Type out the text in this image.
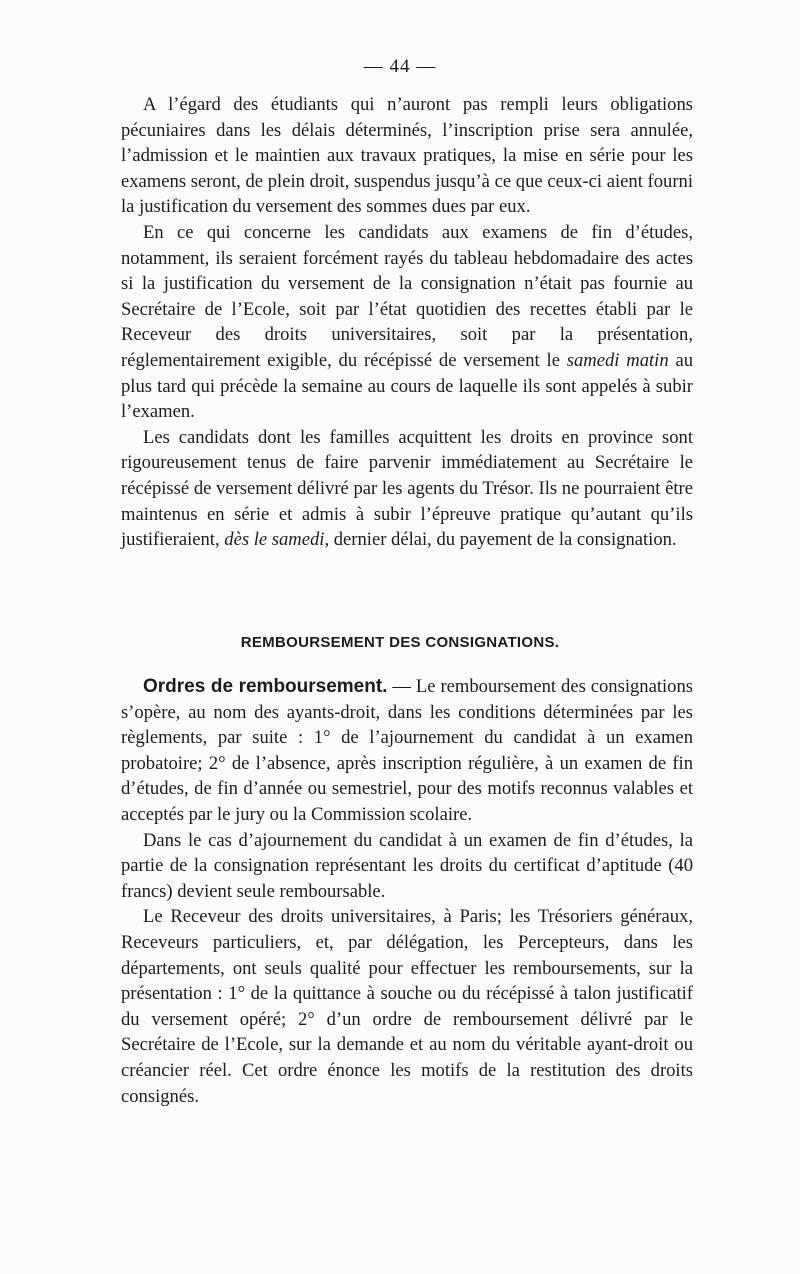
— 44 —

A l’égard des étudiants qui n’auront pas rempli leurs obligations pécuniaires dans les délais déterminés, l’inscription prise sera annulée, l’admission et le maintien aux travaux pratiques, la mise en série pour les examens seront, de plein droit, suspendus jusqu’à ce que ceux-ci aient fourni la justification du versement des sommes dues par eux.

En ce qui concerne les candidats aux examens de fin d’études, notamment, ils seraient forcément rayés du tableau hebdomadaire des actes si la justification du versement de la consignation n’était pas fournie au Secrétaire de l’Ecole, soit par l’état quotidien des recettes établi par le Receveur des droits universitaires, soit par la présentation, réglementairement exigible, du récépissé de versement le samedi matin au plus tard qui précède la semaine au cours de laquelle ils sont appelés à subir l’examen.

Les candidats dont les familles acquittent les droits en province sont rigoureusement tenus de faire parvenir immédiatement au Secrétaire le récépissé de versement délivré par les agents du Trésor. Ils ne pourraient être maintenus en série et admis à subir l’épreuve pratique qu’autant qu’ils justifieraient, dès le samedi, dernier délai, du payement de la consignation.

REMBOURSEMENT DES CONSIGNATIONS.

Ordres de remboursement. — Le remboursement des consignations s’opère, au nom des ayants-droit, dans les conditions déterminées par les règlements, par suite : 1° de l’ajournement du candidat à un examen probatoire; 2° de l’absence, après inscription régulière, à un examen de fin d’études, de fin d’année ou semestriel, pour des motifs reconnus valables et acceptés par le jury ou la Commission scolaire.

Dans le cas d’ajournement du candidat à un examen de fin d’études, la partie de la consignation représentant les droits du certificat d’aptitude (40 francs) devient seule remboursable.

Le Receveur des droits universitaires, à Paris; les Trésoriers généraux, Receveurs particuliers, et, par délégation, les Percepteurs, dans les départements, ont seuls qualité pour effectuer les remboursements, sur la présentation : 1° de la quittance à souche ou du récépissé à talon justificatif du versement opéré; 2° d’un ordre de remboursement délivré par le Secrétaire de l’Ecole, sur la demande et au nom du véritable ayant-droit ou créancier réel. Cet ordre énonce les motifs de la restitution des droits consignés.
